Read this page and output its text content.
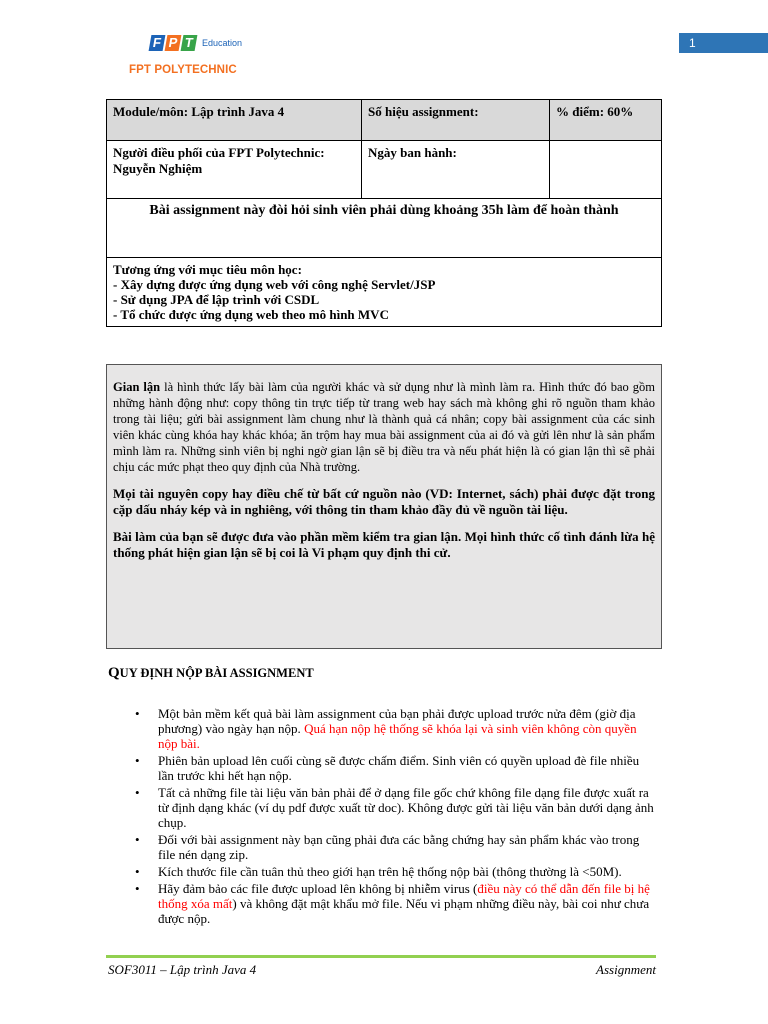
F P T Education
FPT POLYTECHNIC
1
Module/môn: Lập trình Java 4	Số hiệu assignment:	% điểm: 60%

Người điều phối của FPT Polytechnic:
Nguyễn Nghiệm	Ngày ban hành:	
Bài assignment này đòi hỏi sinh viên phải dùng khoảng 35h làm để hoàn thành		

Tương ứng với mục tiêu môn học:
- Xây dựng được ứng dụng web với công nghệ Servlet/JSP
- Sử dụng JPA để lập trình với CSDL
- Tổ chức được ứng dụng web theo mô hình MVC		

Gian lận là hình thức lấy bài làm của người khác và sử dụng như là mình làm ra. Hình thức đó bao gồm những hành động như: copy thông tin trực tiếp từ trang web hay sách mà không ghi rõ nguồn tham khảo trong tài liệu; gửi bài assignment làm chung như là thành quả cá nhân; copy bài assignment của các sinh viên khác cùng khóa hay khác khóa; ăn trộm hay mua bài assignment của ai đó và gửi lên như là sản phẩm mình làm ra. Những sinh viên bị nghi ngờ gian lận sẽ bị điều tra và nếu phát hiện là có gian lận thì sẽ phải chịu các mức phạt theo quy định của Nhà trường.

Mọi tài nguyên copy hay điều chế từ bất cứ nguồn nào (VD: Internet, sách) phải được đặt trong cặp dấu nháy kép và in nghiêng, với thông tin tham khảo đầy đủ về nguồn tài liệu.

Bài làm của bạn sẽ được đưa vào phần mềm kiểm tra gian lận. Mọi hình thức cố tình đánh lừa hệ thống phát hiện gian lận sẽ bị coi là Vi phạm quy định thi cử.

QUY ĐỊNH NỘP BÀI ASSIGNMENT
• Một bản mềm kết quả bài làm assignment của bạn phải được upload trước nửa đêm (giờ địa phương) vào ngày hạn nộp. Quá hạn nộp hệ thống sẽ khóa lại và sinh viên không còn quyền nộp bài.
• Phiên bản upload lên cuối cùng sẽ được chấm điểm. Sinh viên có quyền upload đè file nhiều lần trước khi hết hạn nộp.
• Tất cả những file tài liệu văn bản phải để ở dạng file gốc chứ không file dạng file được xuất ra từ định dạng khác (ví dụ pdf được xuất từ doc). Không được gửi tài liệu văn bản dưới dạng ảnh chụp.
• Đối với bài assignment này bạn cũng phải đưa các bằng chứng hay sản phẩm khác vào trong file nén dạng zip.
• Kích thước file cần tuân thủ theo giới hạn trên hệ thống nộp bài (thông thường là <50M).
• Hãy đảm bảo các file được upload lên không bị nhiễm virus (điều này có thể dẫn đến file bị hệ thống xóa mất) và không đặt mật khẩu mở file. Nếu vi phạm những điều này, bài coi như chưa được nộp.
SOF3011 – Lập trình Java 4	Assignment
